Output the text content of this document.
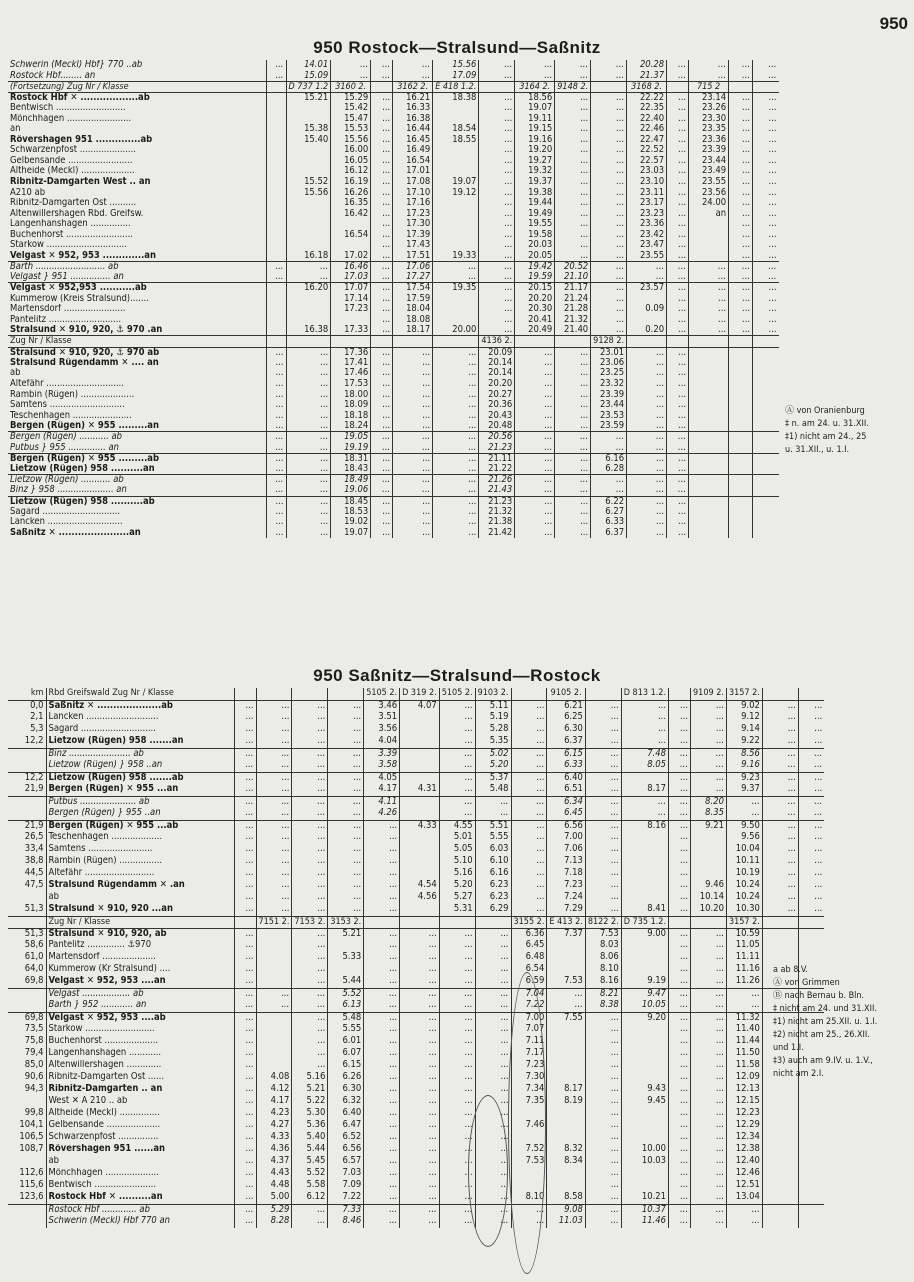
950
950 Rostock—Stralsund—Saßnitz
Schwerin (Meckl) Hbf} 770 ..ab	...	14.01	...	...	...	15.56	...	...	...	...	20.28	...	...	...	...
Rostock Hbf........ an	...	15.09	...	...	...	17.09	...	...	...	...	21.37	...	...	...	...
(Fortsetzung) Zug Nr / Klasse		D 737 1.2	3160 2.		3162 2.	E 418 1.2.		3164 2.	9148 2.		3168 2.		715 2		
Rostock Hbf ✕ ..................ab		15.21	15.29	...	16.21	18.38	...	18.56	...	...	22.22	...	23.14	...	...
Bentwisch ..........................			15.42	...	16.33		...	19.07	...	...	22.35	...	23.26	...	...
Mönchhagen ........................			15.47	...	16.38		...	19.11	...	...	22.40	...	23.30	...	...
an		15.38	15.53	...	16.44	18.54	...	19.15	...	...	22.46	...	23.35	...	...
Rövershagen 951 ..............ab		15.40	15.56	...	16.45	18.55	...	19.16	...	...	22.47	...	23.36	...	...
Schwarzenpfost .....................			16.00	...	16.49		...	19.20	...	...	22.52	...	23.39	...	...
Gelbensande ........................			16.05	...	16.54		...	19.27	...	...	22.57	...	23.44	...	...
Altheide (Meckl) ....................			16.12	...	17.01		...	19.32	...	...	23.03	...	23.49	...	...
Ribnitz-Damgarten West .. an		15.52	16.19	...	17.08	19.07	...	19.37	...	...	23.10	...	23.55	...	...
A210 ab		15.56	16.26	...	17.10	19.12	...	19.38	...	...	23.11	...	23.56	...	...
Ribnitz-Damgarten Ost ..........			16.35	...	17.16		...	19.44	...	...	23.17	...	24.00	...	...
Altenwillershagen Rbd. Greifsw.			16.42	...	17.23		...	19.49	...	...	23.23	...	an	...	...
Langenhanshagen ...............				...	17.30		...	19.55	...	...	23.36	...		...	...
Buchenhorst .........................			16.54	...	17.39		...	19.58	...	...	23.42	...		...	...
Starkow ..............................				...	17.43		...	20.03	...	...	23.47	...		...	...
Velgast ✕ 952, 953 .............an		16.18	17.02	...	17.51	19.33	...	20.05	...	...	23.55	...		...	...
Barth .......................... ab	...	...	16.46	...	17.06	...	...	19.42	20.52	...	...	...	...	...	...
Velgast } 951 ............... an	...	...	17.03	...	17.27	...	...	19.59	21.10	...	...	...	...	...	...
Velgast ✕ 952,953 ...........ab		16.20	17.07	...	17.54	19.35	...	20.15	21.17	...	23.57	...	...	...	...
Kummerow (Kreis Stralsund).......			17.14	...	17.59		...	20.20	21.24	...		...	...	...	...
Martensdorf .......................			17.23	...	18.04		...	20.30	21.28	...	0.09	...	...	...	...
Pantelitz ...........................				...	18.08		...	20.41	21.32	...		...	...	...	...
Stralsund ✕ 910, 920, ⚓ 970 .an		16.38	17.33	...	18.17	20.00	...	20.49	21.40	...	0.20	...	...	...	...
Zug Nr / Klasse							4136 2.			9128 2.					
Stralsund ✕ 910, 920, ⚓ 970 ab	...	...	17.36	...	...	...	20.09	...	...	23.01	...	...			
Stralsund Rügendamm ✕ .... an	...	...	17.41	...	...	...	20.14	...	...	23.06	...	...			
ab	...	...	17.46	...	...	...	20.14	...	...	23.25	...	...			
Altefähr .............................	...	...	17.53	...	...	...	20.20	...	...	23.32	...	...			
Rambin (Rügen) ....................	...	...	18.00	...	...	...	20.27	...	...	23.39	...	...			
Samtens ............................	...	...	18.09	...	...	...	20.36	...	...	23.44	...	...			
Teschenhagen ......................	...	...	18.18	...	...	...	20.43	...	...	23.53	...	...			
Bergen (Rügen) ✕ 955 .........an	...	...	18.24	...	...	...	20.48	...	...	23.59	...	...			
Bergen (Rügen) ........... ab	...	...	19.05	...	...	...	20.56	...	...	...	...	...			
Putbus } 955 .............. an	...	...	19.19	...	...	...	21.23	...	...	...	...	...			
Bergen (Rügen) ✕ 955 .........ab	...	...	18.31	...	...	...	21.11	...	...	6.16	...	...			
Lietzow (Rügen) 958 ..........an	...	...	18.43	...	...	...	21.22	...	...	6.28	...	...			
Lietzow (Rügen) ........... ab	...	...	18.49	...	...	...	21.26	...	...	...	...	...			
Binz } 958 ..................... an	...	...	19.06	...	...	...	21.43	...	...	...	...	...			
Lietzow (Rügen) 958 ..........ab	...	...	18.45	...	...	...	21.23	...	...	6.22	...	...			
Sagard .............................	...	...	18.53	...	...	...	21.32	...	...	6.27	...	...			
Lancken ............................	...	...	19.02	...	...	...	21.38	...	...	6.33	...	...			
Saßnitz ✕ ......................an	...	...	19.07	...	...	...	21.42	...	...	6.37	...	...			
Ⓐ von Oranienburg
‡ n. am 24. u. 31.XII.
‡1) nicht am 24., 25
u. 31.XII., u. 1.I.
950 Saßnitz—Stralsund—Rostock
km	Rbd Greifswald Zug Nr / Klasse					5105 2.	D 319 2.	5105 2.	9103 2.		9105 2.		D 813 1.2.		9109 2.	3157 2.		
0,0	Saßnitz ✕ ....................ab	...	...	...	...	3.46	4.07	...	5.11	...	6.21	...	...	...	...	9.02	...	...
2,1	Lancken ...........................	...	...	...	...	3.51		...	5.19	...	6.25	...	...	...	...	9.12	...	...
5,3	Sagard ............................	...	...	...	...	3.56		...	5.28	...	6.30	...	...	...	...	9.14	...	...
12,2	Lietzow (Rügen) 958 .......an	...	...	...	...	4.04		...	5.35	...	6.37	...	...	...	...	9.22	...	...
	Binz ....................... ab	...	...	...	...	3.39		...	5.02	...	6.15	...	7.48	...	...	8.56	...	...
	Lietzow (Rügen) } 958 ..an	...	...	...	...	3.58		...	5.20	...	6.33	...	8.05	...	...	9.16	...	...
12,2	Lietzow (Rügen) 958 .......ab	...	...	...	...	4.05		...	5.37	...	6.40	...		...	...	9.23	...	...
21,9	Bergen (Rügen) ✕ 955 ...an	...	...	...	...	4.17	4.31	...	5.48	...	6.51	...	8.17	...	...	9.37	...	...
	Putbus ..................... ab	...	...	...	...	4.11		...	...	...	6.34	...	...	...	8.20	...	...	...
	Bergen (Rügen) } 955 ..an	...	...	...	...	4.26		...	...	...	6.45	...	...	...	8.35	...	...	...
21,9	Bergen (Rügen) ✕ 955 ...ab	...	...	...	...	...	4.33	4.55	5.51	...	6.56	...	8.16	...	9.21	9.50	...	...
26,5	Teschenhagen ...................	...	...	...	...	...		5.01	5.55	...	7.00	...		...		9.56	...	...
33,4	Samtens ........................	...	...	...	...	...		5.05	6.03	...	7.06	...		...		10.04	...	...
38,8	Rambin (Rügen) ................	...	...	...	...	...		5.10	6.10	...	7.13	...		...		10.11	...	...
44,5	Altefähr ..........................	...	...	...	...	...		5.16	6.16	...	7.18	...		...		10.19	...	...
47,5	Stralsund Rügendamm ✕ .an	...	...	...	...	...	4.54	5.20	6.23	...	7.23	...		...	9.46	10.24	...	...
	ab	...	...	...	...	...	4.56	5.27	6.23	...	7.24	...		...	10.14	10.24	...	...
51,3	Stralsund ✕ 910, 920 ...an	...	...	...	...	...		5.31	6.29	...	7.29	...	8.41	...	10.20	10.30	...	...
	Zug Nr / Klasse		7151 2.	7153 2.	3153 2.					3155 2.	E 413 2.	8122 2.	D 735 1.2.			3157 2.		
51,3	Stralsund ✕ 910, 920, ab	...		...	5.21	...	...	...	...	6.36	7.37	7.53	9.00	...	...	10.59		
58,6	Pantelitz .............. ⚓970	...		...		...	...	...	...	6.45		8.03		...	...	11.05		
61,0	Martensdorf ....................	...		...	5.33	...	...	...	...	6.48		8.06		...	...	11.11		
64,0	Kummerow (Kr Stralsund) ....	...		...		...	...	...	...	6.54		8.10		...	...	11.16		
69,8	Velgast ✕ 952, 953 ....an	...		...	5.44	...	...	...	...	6.59	7.53	8.16	9.19	...	...	11.26		
	Velgast .................. ab	...	...	...	5.52	...	...	...	...	7.04	...	8.21	9.47	...	...	...		
	Barth } 952 ............ an	...	...	...	6.13	...	...	...	...	7.22	...	8.38	10.05	...	...	...		
69,8	Velgast ✕ 952, 953 ....ab	...		...	5.48	...	...	...	...	7.00	7.55	...	9.20	...	...	11.32		
73,5	Starkow ..........................	...		...	5.55	...	...	...	...	7.07		...		...	...	11.40		
75,8	Buchenhorst ....................	...		...	6.01	...	...	...	...	7.11		...		...	...	11.44		
79,4	Langenhanshagen ............	...		...	6.07	...	...	...	...	7.17		...		...	...	11.50		
85,0	Altenwillershagen .............	...		...	6.15	...	...	...	...	7.23		...		...	...	11.58		
90,6	Ribnitz-Damgarten Ost ......	...	4.08	5.16	6.26	...	...	...	...	7.30		...		...	...	12.09		
94,3	Ribnitz-Damgarten .. an	...	4.12	5.21	6.30	...	...	...	...	7.34	8.17	...	9.43	...	...	12.13		
	West ✕ A 210 .. ab	...	4.17	5.22	6.32	...	...	...	...	7.35	8.19	...	9.45	...	...	12.15		
99,8	Altheide (Meckl) ...............	...	4.23	5.30	6.40	...	...	...	...			...		...	...	12.23		
104,1	Gelbensande ....................	...	4.27	5.36	6.47	...	...	...	...	7.46		...		...	...	12.29		
106,5	Schwarzenpfost ...............	...	4.33	5.40	6.52	...	...	...	...			...		...	...	12.34		
108,7	Rövershagen 951 ......an	...	4.36	5.44	6.56	...	...	...	...	7.52	8.32	...	10.00	...	...	12.38		
	ab	...	4.37	5.45	6.57	...	...	...	...	7.53	8.34	...	10.03	...	...	12.40		
112,6	Mönchhagen ....................	...	4.43	5.52	7.03	...	...	...	...			...		...	...	12.46		
115,6	Bentwisch .......................	...	4.48	5.58	7.09	...	...	...	...			...		...	...	12.51		
123,6	Rostock Hbf ✕ ..........an	...	5.00	6.12	7.22	...	...	...	...	8.10	8.58	...	10.21	...	...	13.04		
	Rostock Hbf ............. ab	...	5.29	...	7.33	...	...	...	...	...	9.08	...	10.37	...	...	...		
	Schwerin (Meckl) Hbf 770 an	...	8.28	...	8.46	...	...	...	...	...	11.03	...	11.46	...	...	...		
a ab 8.V.
Ⓐ von Grimmen
Ⓑ nach Bernau b. Bln.
‡ nicht am 24. und 31.XII.
‡1) nicht am 25.XII. u. 1.I.
‡2) nicht am 25., 26.XII.
und 1.I.
‡3) auch am 9.IV. u. 1.V.,
nicht am 2.I.
